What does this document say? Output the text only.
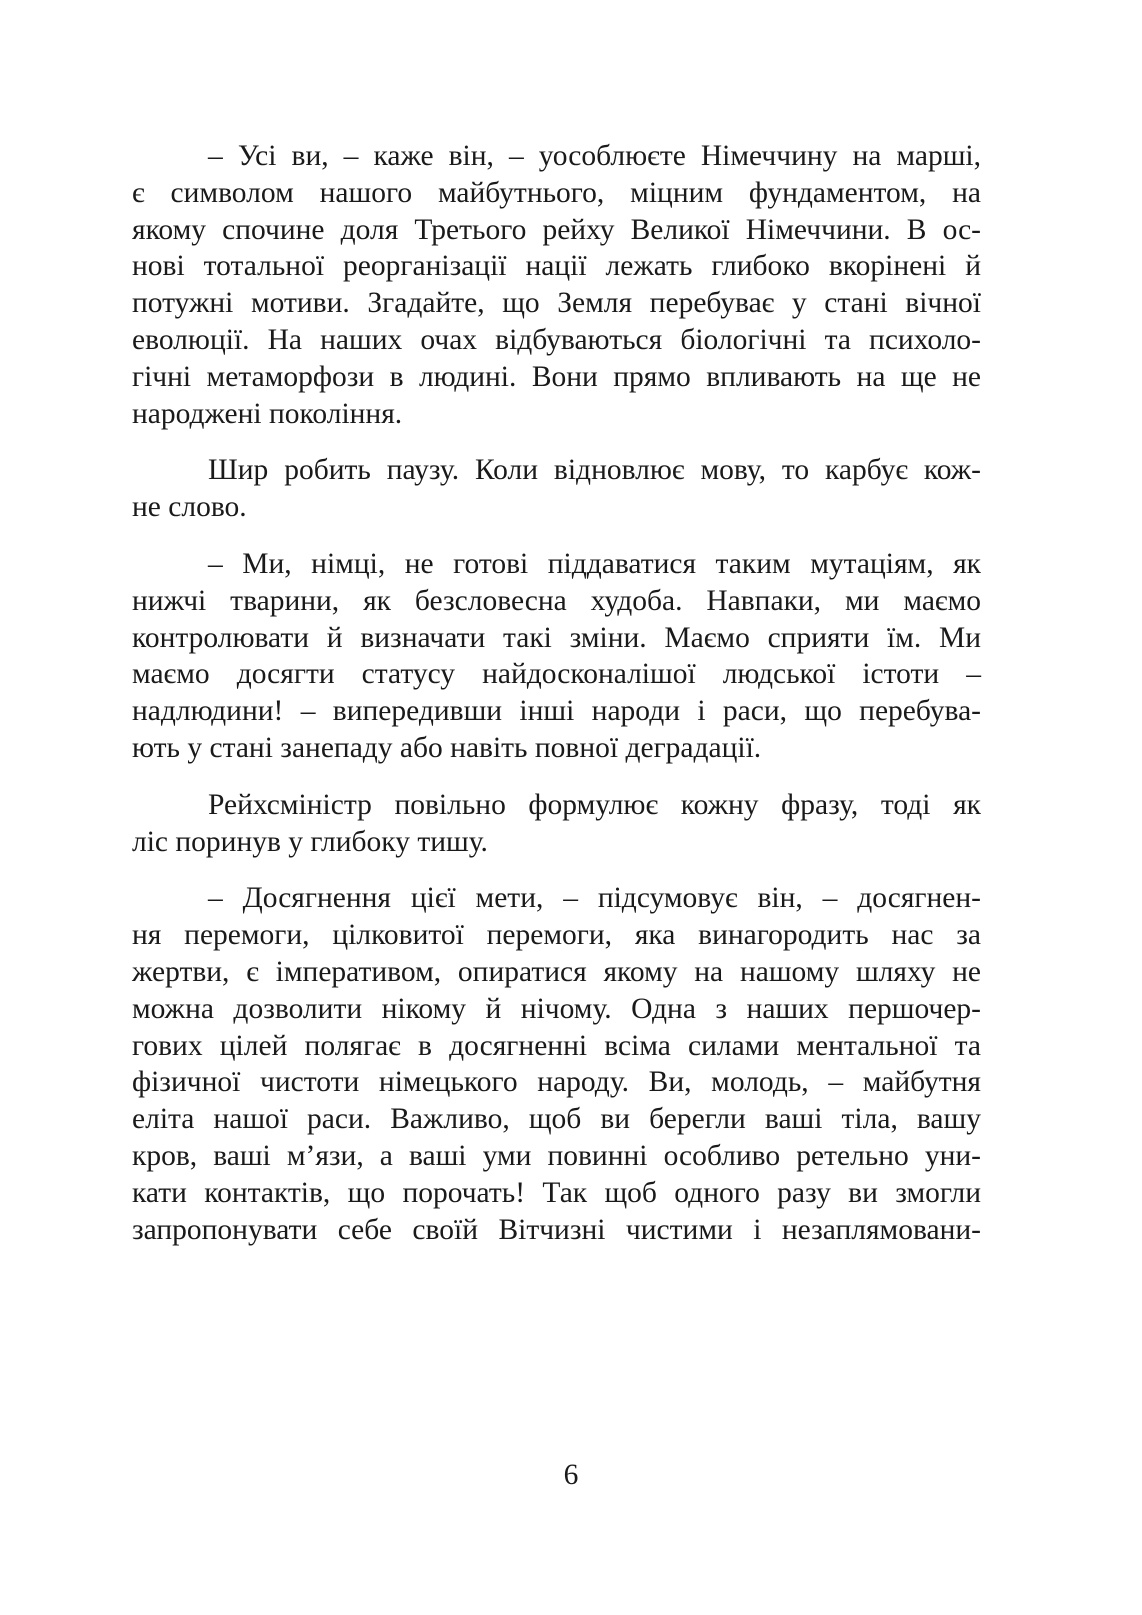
– Усі ви, – каже він, – уособлюєте Німеччину на марші,
є символом нашого майбутнього, міцним фундаментом, на
якому спочине доля Третього рейху Великої Німеччини. В ос-
нові тотальної реорганізації нації лежать глибоко вкорінені й
потужні мотиви. Згадайте, що Земля перебуває у стані вічної
еволюції. На наших очах відбуваються біологічні та психоло-
гічні метаморфози в людині. Вони прямо впливають на ще не
народжені покоління.
Шир робить паузу. Коли відновлює мову, то карбує кож-
не слово.
– Ми, німці, не готові піддаватися таким мутаціям, як
нижчі тварини, як безсловесна худоба. Навпаки, ми маємо
контролювати й визначати такі зміни. Маємо сприяти їм. Ми
маємо досягти статусу найдосконалішої людської істоти –
надлюдини! – випередивши інші народи і раси, що перебува-
ють у стані занепаду або навіть повної деградації.
Рейхсміністр повільно формулює кожну фразу, тоді як
ліс поринув у глибоку тишу.
– Досягнення цієї мети, – підсумовує він, – досягнен-
ня перемоги, цілковитої перемоги, яка винагородить нас за
жертви, є імперативом, опиратися якому на нашому шляху не
можна дозволити нікому й нічому. Одна з наших першочер-
гових цілей полягає в досягненні всіма силами ментальної та
фізичної чистоти німецького народу. Ви, молодь, – майбутня
еліта нашої раси. Важливо, щоб ви берегли ваші тіла, вашу
кров, ваші м’язи, а ваші уми повинні особливо ретельно уни-
кати контактів, що порочать! Так щоб одного разу ви змогли
запропонувати себе своїй Вітчизні чистими і незаплямовани-
6
